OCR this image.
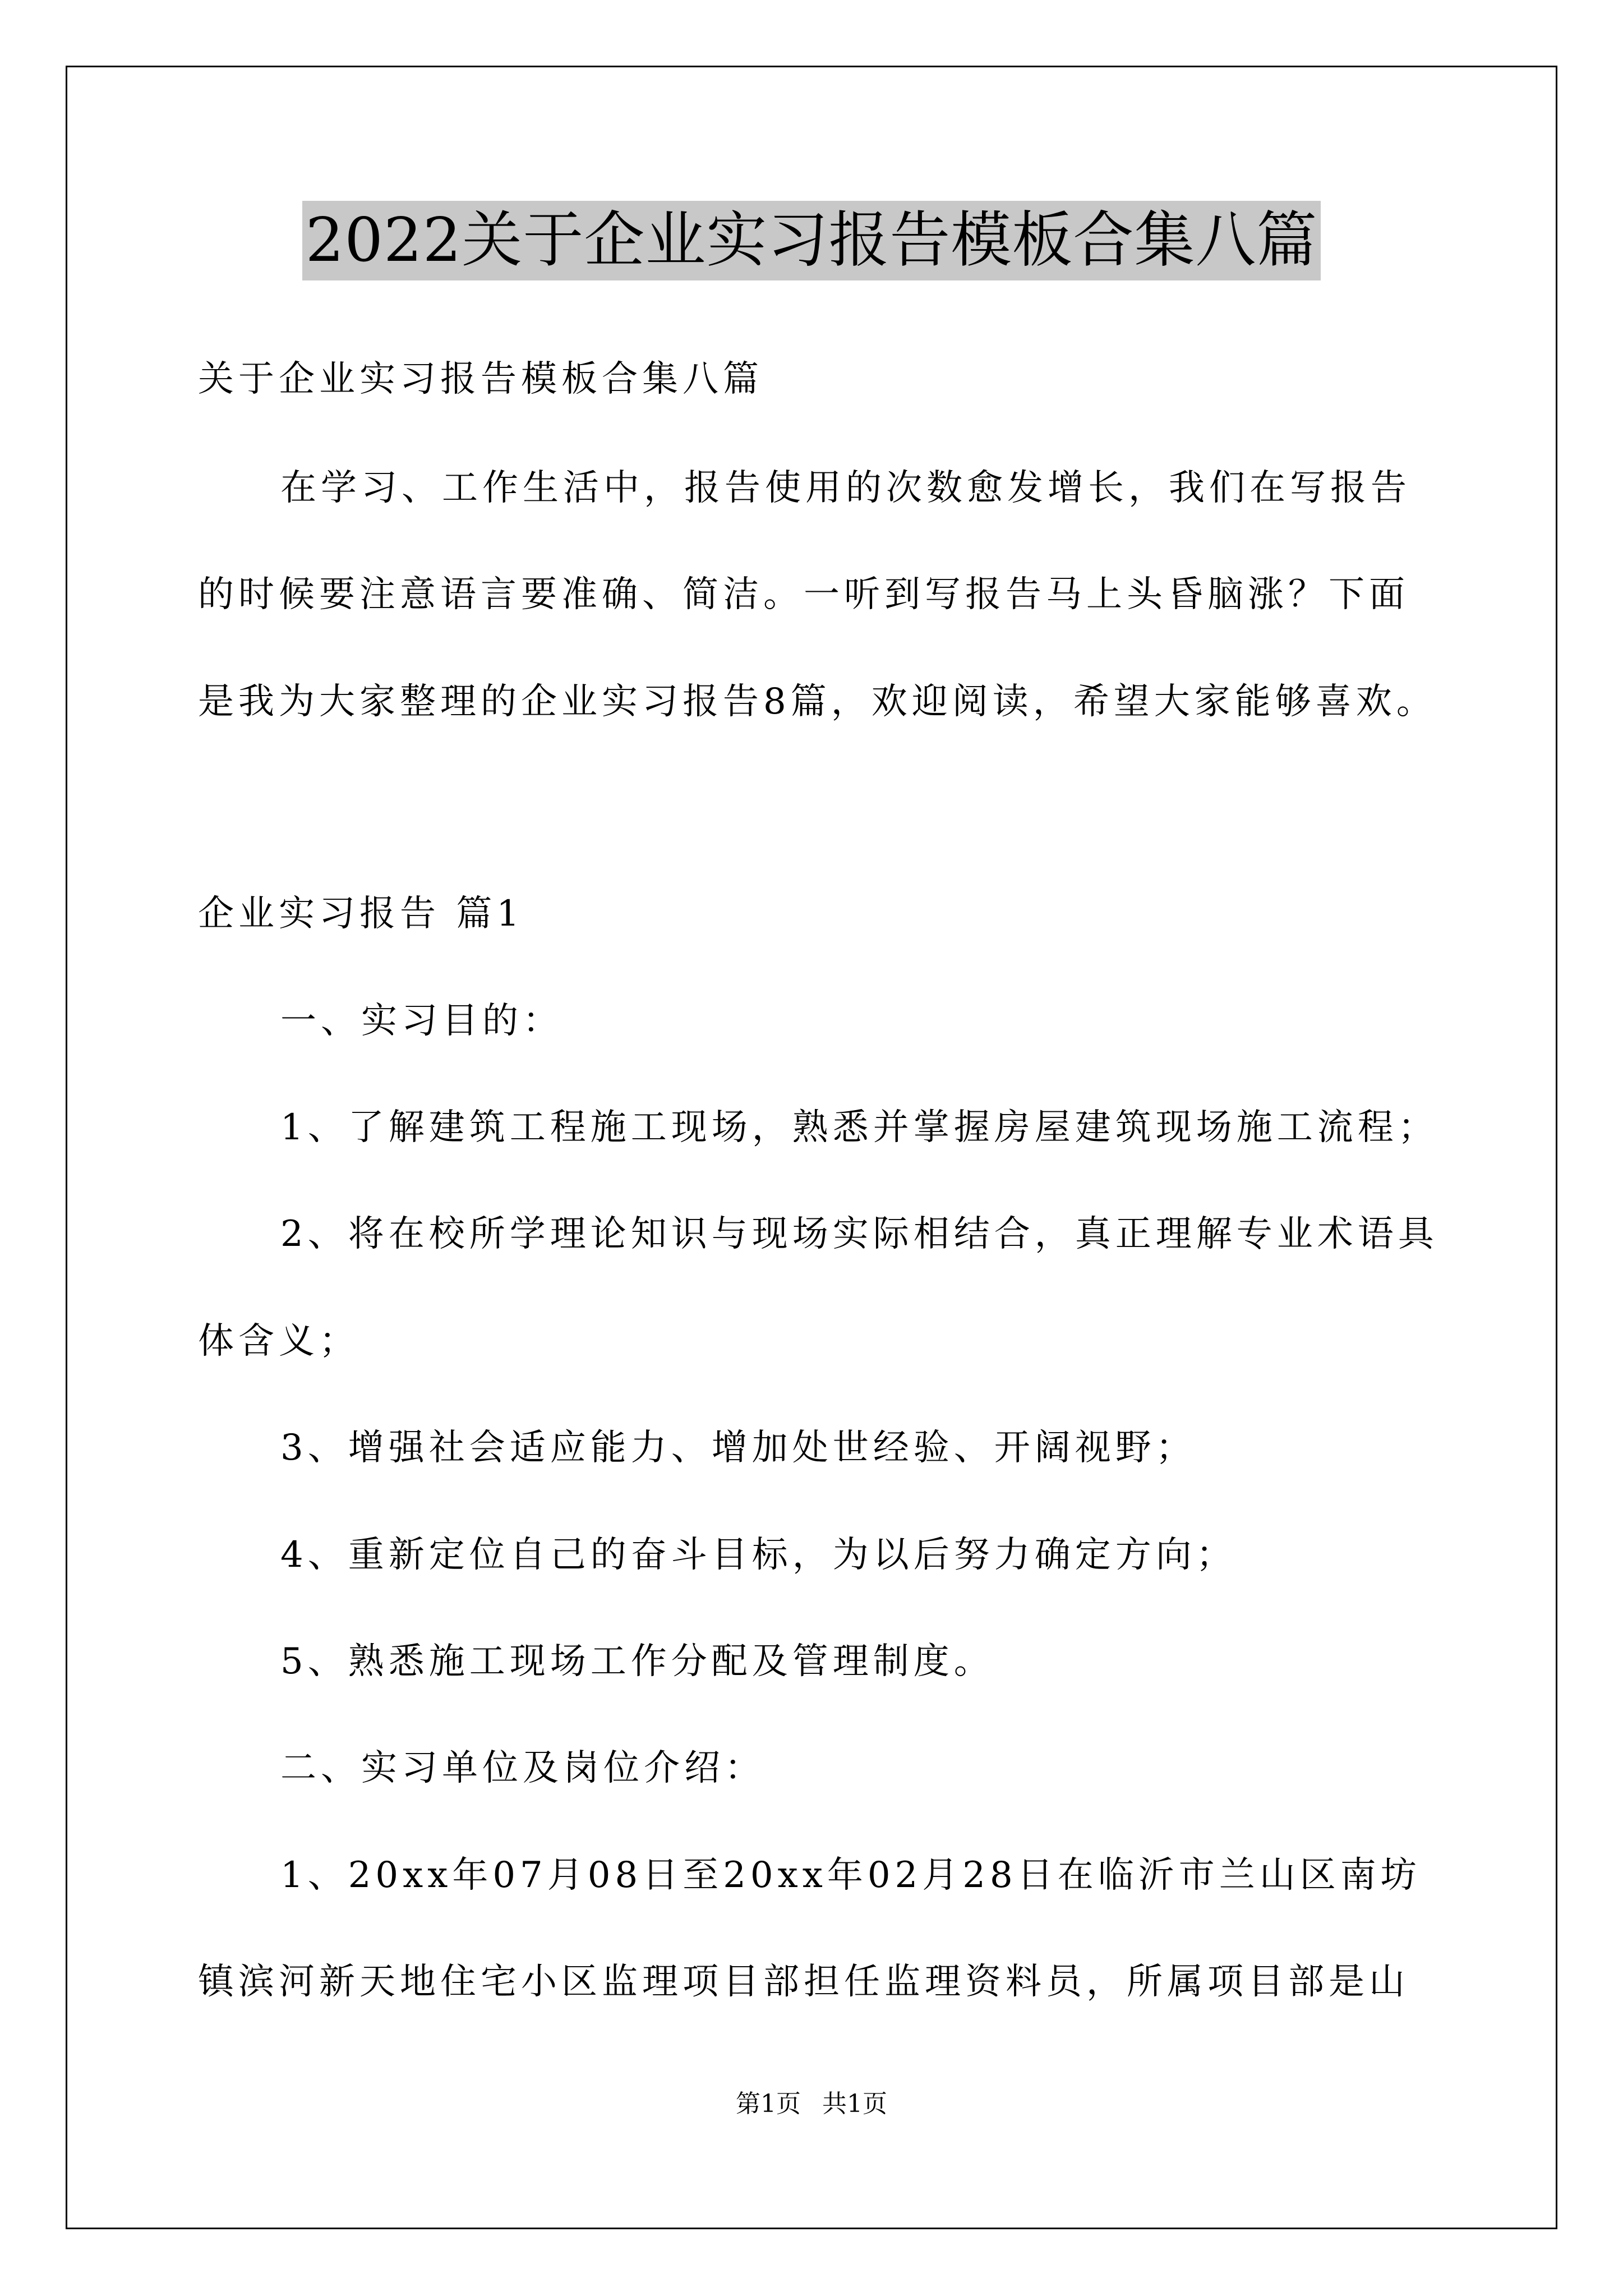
2022关于企业实习报告模板合集八篇
关于企业实习报告模板合集八篇
在学习、工作生活中，报告使用的次数愈发增长，我们在写报告
的时候要注意语言要准确、简洁。一听到写报告马上头昏脑涨？下面
是我为大家整理的企业实习报告8篇，欢迎阅读，希望大家能够喜欢。
企业实习报告 篇1
一、实习目的：
1、了解建筑工程施工现场，熟悉并掌握房屋建筑现场施工流程；
2、将在校所学理论知识与现场实际相结合，真正理解专业术语具
体含义；
3、增强社会适应能力、增加处世经验、开阔视野；
4、重新定位自己的奋斗目标，为以后努力确定方向；
5、熟悉施工现场工作分配及管理制度。
二、实习单位及岗位介绍：
1、20xx年07月08日至20xx年02月28日在临沂市兰山区南坊
镇滨河新天地住宅小区监理项目部担任监理资料员，所属项目部是山
第1页 共1页
